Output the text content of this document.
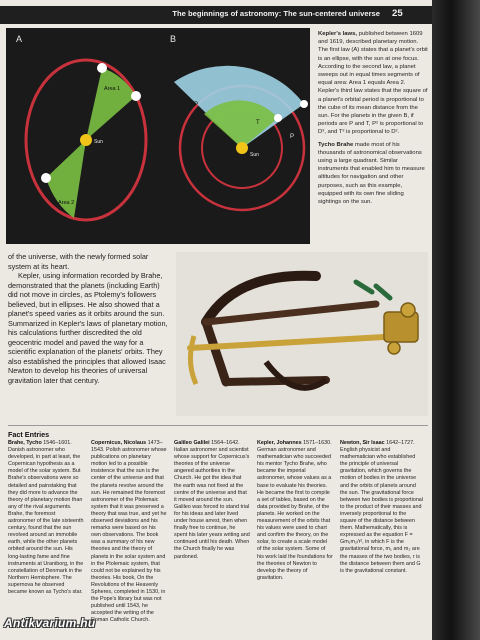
The beginnings of astronomy: The sun-centered universe 25
A	B
Area 1
Area 2
Sun
Sun
P
T
P

Kepler's laws, published between 1609 and 1619, described planetary motion. The first law (A) states that a planet's orbit is an ellipse, with the sun at one focus. According to the second law, a planet sweeps out in equal times segments of equal area: Area 1 equals Area 2. Kepler's third law states that the square of a planet's orbital period is proportional to the cube of its mean distance from the sun. For the planets in the given B, if periods are P and T, P² is proportional to D³, and T² is proportional to D².

Tycho Brahe made most of his thousands of astronomical observations using a large quadrant. Similar instruments that enabled him to measure altitudes for navigation and other purposes, such as this example, equipped with its own fine sliding sightings on the sun.

of the universe, with the newly formed solar system at its heart.

Kepler, using information recorded by Brahe, demonstrated that the planets (including Earth) did not move in circles, as Ptolemy's followers believed, but in ellipses. He also showed that a planet's speed varies as it orbits around the sun. Summarized in Kepler's laws of planetary motion, his calculations further discredited the old geocentric model and paved the way for a scientific explanation of the planets' orbits. They also established the principles that allowed Isaac Newton to develop his theories of universal gravitation later that century.

Fact Entries
Brahe, Tycho 1546–1601. Danish astronomer who developed, in part at least, the Copernican hypothesis as a model of the solar system. But Brahe's observations were so detailed and painstaking that they did more to advance the theory of planetary motion than any of the rival arguments. Brahe, the foremost astronomer of the late sixteenth century, found that the sun revolved around an immobile earth, while the other planets orbited around the sun. His long-lasting fame and fine instruments at Uraniborg, in the constellation of Denmark in the Northern Hemisphere. The supernova he observed became known as Tycho's star.
Copernicus, Nicolaus 1473–1543. Polish astronomer whose publications on planetary motion led to a possible insistence that the sun is the center of the universe and that the planets revolve around the sun. He remained the foremost astronomer of the Ptolemaic system that it was preserved a theory that was true, and yet he observed deviations and his remarks were based on his own observations. The book was a summary of his new theories and the theory of planets in the solar system and in the Ptolemaic system, that could not be explained by his theories. His book, On the Revolutions of the Heavenly Spheres, completed in 1530, in the Pope's library but was not published until 1543, he accepted the writing of the Roman Catholic Church.
Galileo Galilei 1564–1642. Italian astronomer and scientist whose support for Copernicus's theories of the universe angered authorities in the Church. He got the idea that the earth was not fixed at the centre of the universe and that it moved around the sun. Galileo was forced to stand trial for his ideas and later lived under house arrest, then when finally free to continue, he spent his later years writing and continued until his death. When the Church finally he was pardoned.
Kepler, Johannes 1571–1630. German astronomer and mathematician who succeeded his mentor Tycho Brahe, who became the imperial astronomer, whose values as a base to evaluate his theories. He became the first to compile a set of tables, based on the data provided by Brahe, of the planets. He worked on the measurement of the orbits that his values were used to chart and confirm the theory, on the solar, to create a scale model of the solar system. Some of his work laid the foundations for the theories of Newton to develop the theory of gravitation.
Newton, Sir Isaac 1642–1727. English physicist and mathematician who established the principle of universal gravitation, which governs the motion of bodies in the universe and the orbits of planets around the sun. The gravitational force between two bodies is proportional to the product of their masses and inversely proportional to the square of the distance between them. Mathematically, this is expressed as the equation F = Gm₁m₂/r², in which F is the gravitational force, m₁ and m₂ are the masses of the two bodies, r is the distance between them and G is the gravitational constant.
Antikvarium.hu
